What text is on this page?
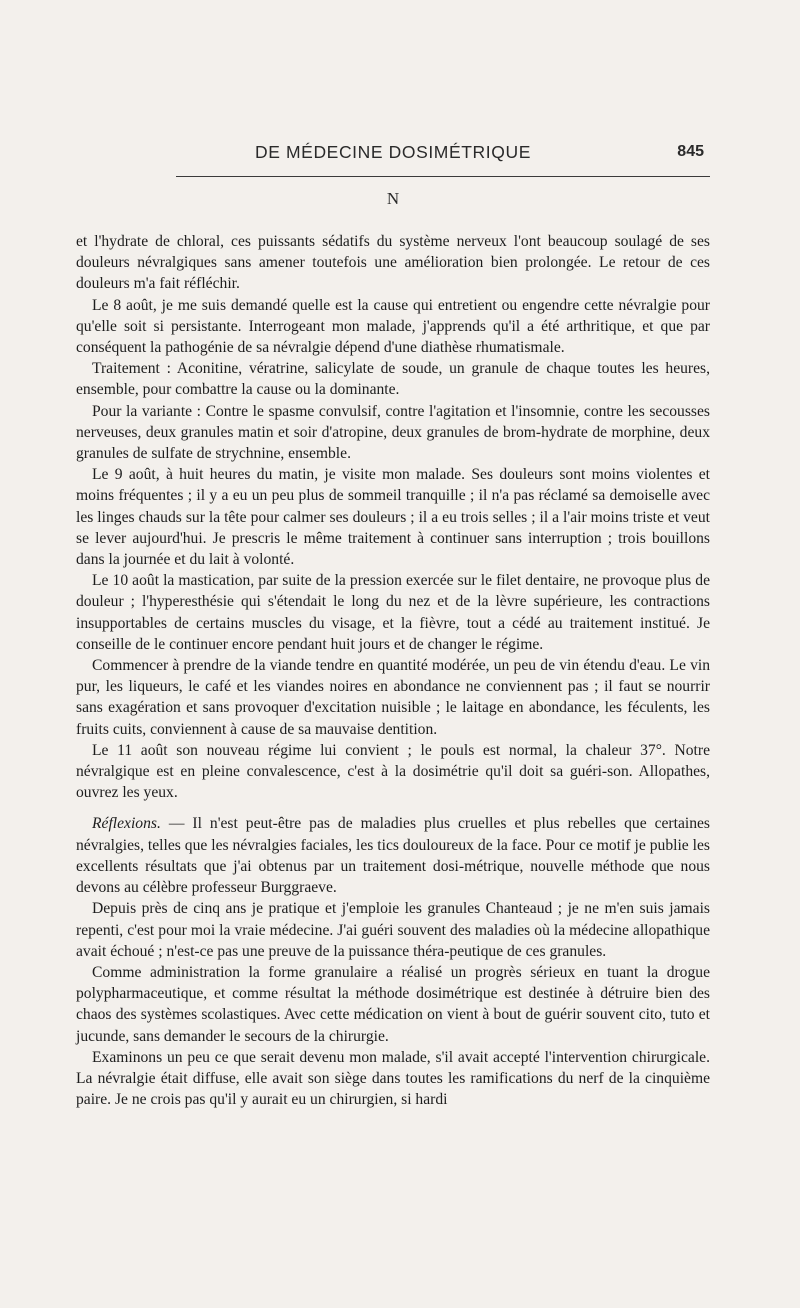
DE MÉDECINE DOSIMÉTRIQUE	845
N

et l'hydrate de chloral, ces puissants sédatifs du système nerveux l'ont beaucoup soulagé de ses douleurs névralgiques sans amener toutefois une amélioration bien prolongée. Le retour de ces douleurs m'a fait réfléchir.

Le 8 août, je me suis demandé quelle est la cause qui entretient ou engendre cette névralgie pour qu'elle soit si persistante. Interrogeant mon malade, j'apprends qu'il a été arthritique, et que par conséquent la pathogénie de sa névralgie dépend d'une diathèse rhumatismale.

Traitement : Aconitine, vératrine, salicylate de soude, un granule de chaque toutes les heures, ensemble, pour combattre la cause ou la dominante.

Pour la variante : Contre le spasme convulsif, contre l'agitation et l'insomnie, contre les secousses nerveuses, deux granules matin et soir d'atropine, deux granules de brom-hydrate de morphine, deux granules de sulfate de strychnine, ensemble.

Le 9 août, à huit heures du matin, je visite mon malade. Ses douleurs sont moins violentes et moins fréquentes ; il y a eu un peu plus de sommeil tranquille ; il n'a pas réclamé sa demoiselle avec les linges chauds sur la tête pour calmer ses douleurs ; il a eu trois selles ; il a l'air moins triste et veut se lever aujourd'hui. Je prescris le même traitement à continuer sans interruption ; trois bouillons dans la journée et du lait à volonté.

Le 10 août la mastication, par suite de la pression exercée sur le filet dentaire, ne provoque plus de douleur ; l'hyperesthésie qui s'étendait le long du nez et de la lèvre supérieure, les contractions insupportables de certains muscles du visage, et la fièvre, tout a cédé au traitement institué. Je conseille de le continuer encore pendant huit jours et de changer le régime.

Commencer à prendre de la viande tendre en quantité modérée, un peu de vin étendu d'eau. Le vin pur, les liqueurs, le café et les viandes noires en abondance ne conviennent pas ; il faut se nourrir sans exagération et sans provoquer d'excitation nuisible ; le laitage en abondance, les féculents, les fruits cuits, conviennent à cause de sa mauvaise dentition.

Le 11 août son nouveau régime lui convient ; le pouls est normal, la chaleur 37°. Notre névralgique est en pleine convalescence, c'est à la dosimétrie qu'il doit sa guéri-son. Allopathes, ouvrez les yeux.

Réflexions. — Il n'est peut-être pas de maladies plus cruelles et plus rebelles que certaines névralgies, telles que les névralgies faciales, les tics douloureux de la face. Pour ce motif je publie les excellents résultats que j'ai obtenus par un traitement dosi-métrique, nouvelle méthode que nous devons au célèbre professeur Burggraeve.

Depuis près de cinq ans je pratique et j'emploie les granules Chanteaud ; je ne m'en suis jamais repenti, c'est pour moi la vraie médecine. J'ai guéri souvent des maladies où la médecine allopathique avait échoué ; n'est-ce pas une preuve de la puissance théra-peutique de ces granules.

Comme administration la forme granulaire a réalisé un progrès sérieux en tuant la drogue polypharmaceutique, et comme résultat la méthode dosimétrique est destinée à détruire bien des chaos des systèmes scolastiques. Avec cette médication on vient à bout de guérir souvent cito, tuto et jucunde, sans demander le secours de la chirurgie.

Examinons un peu ce que serait devenu mon malade, s'il avait accepté l'intervention chirurgicale. La névralgie était diffuse, elle avait son siège dans toutes les ramifications du nerf de la cinquième paire. Je ne crois pas qu'il y aurait eu un chirurgien, si hardi
